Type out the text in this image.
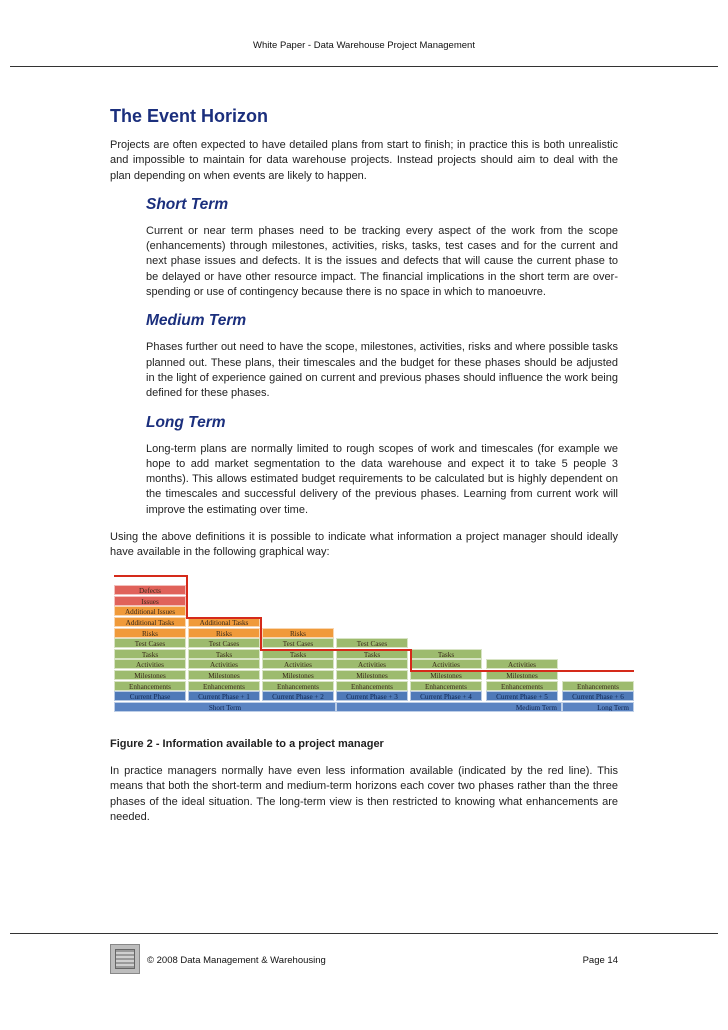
White Paper - Data Warehouse Project Management
The Event Horizon

Projects are often expected to have detailed plans from start to finish; in practice this is both unrealistic and impossible to maintain for data warehouse projects. Instead projects should aim to deal with the plan depending on when events are likely to happen.

Short Term

Current or near term phases need to be tracking every aspect of the work from the scope (enhancements) through milestones, activities, risks, tasks, test cases and for the current and next phase issues and defects. It is the issues and defects that will cause the current phase to be delayed or have other resource impact. The financial implications in the short term are over-spending or use of contingency because there is no space in which to manoeuvre.

Medium Term

Phases further out need to have the scope, milestones, activities, risks and where possible tasks planned out. These plans, their timescales and the budget for these phases should be adjusted in the light of experience gained on current and previous phases should influence the work being defined for these phases.

Long Term

Long-term plans are normally limited to rough scopes of work and timescales (for example we hope to add market segmentation to the data warehouse and expect it to take 5 people 3 months). This allows estimated budget requirements to be calculated but is highly dependent on the timescales and successful delivery of the previous phases. Learning from current work will improve the estimating over time.

Using the above definitions it is possible to indicate what information a project manager should ideally have available in the following graphical way:

Defects
Issues
Additional Issues
Additional Tasks
Risks
Test Cases
Tasks
Activities
Milestones
Enhancements
Current Phase
Additional Tasks
Risks
Test Cases
Tasks
Activities
Milestones
Enhancements
Current Phase + 1
Risks
Test Cases
Tasks
Activities
Milestones
Enhancements
Current Phase + 2
Test Cases
Tasks
Activities
Milestones
Enhancements
Current Phase + 3
Tasks
Activities
Milestones
Enhancements
Current Phase + 4
Activities
Milestones
Enhancements
Current Phase + 5
Enhancements
Current Phase + 6
Short Term	Medium Term	Long Term

Figure 2 - Information available to a project manager

In practice managers normally have even less information available (indicated by the red line). This means that both the short-term and medium-term horizons each cover two phases rather than the three phases of the ideal situation. The long-term view is then restricted to knowing what enhancements are needed.

© 2008 Data Management & Warehousing	Page 14
